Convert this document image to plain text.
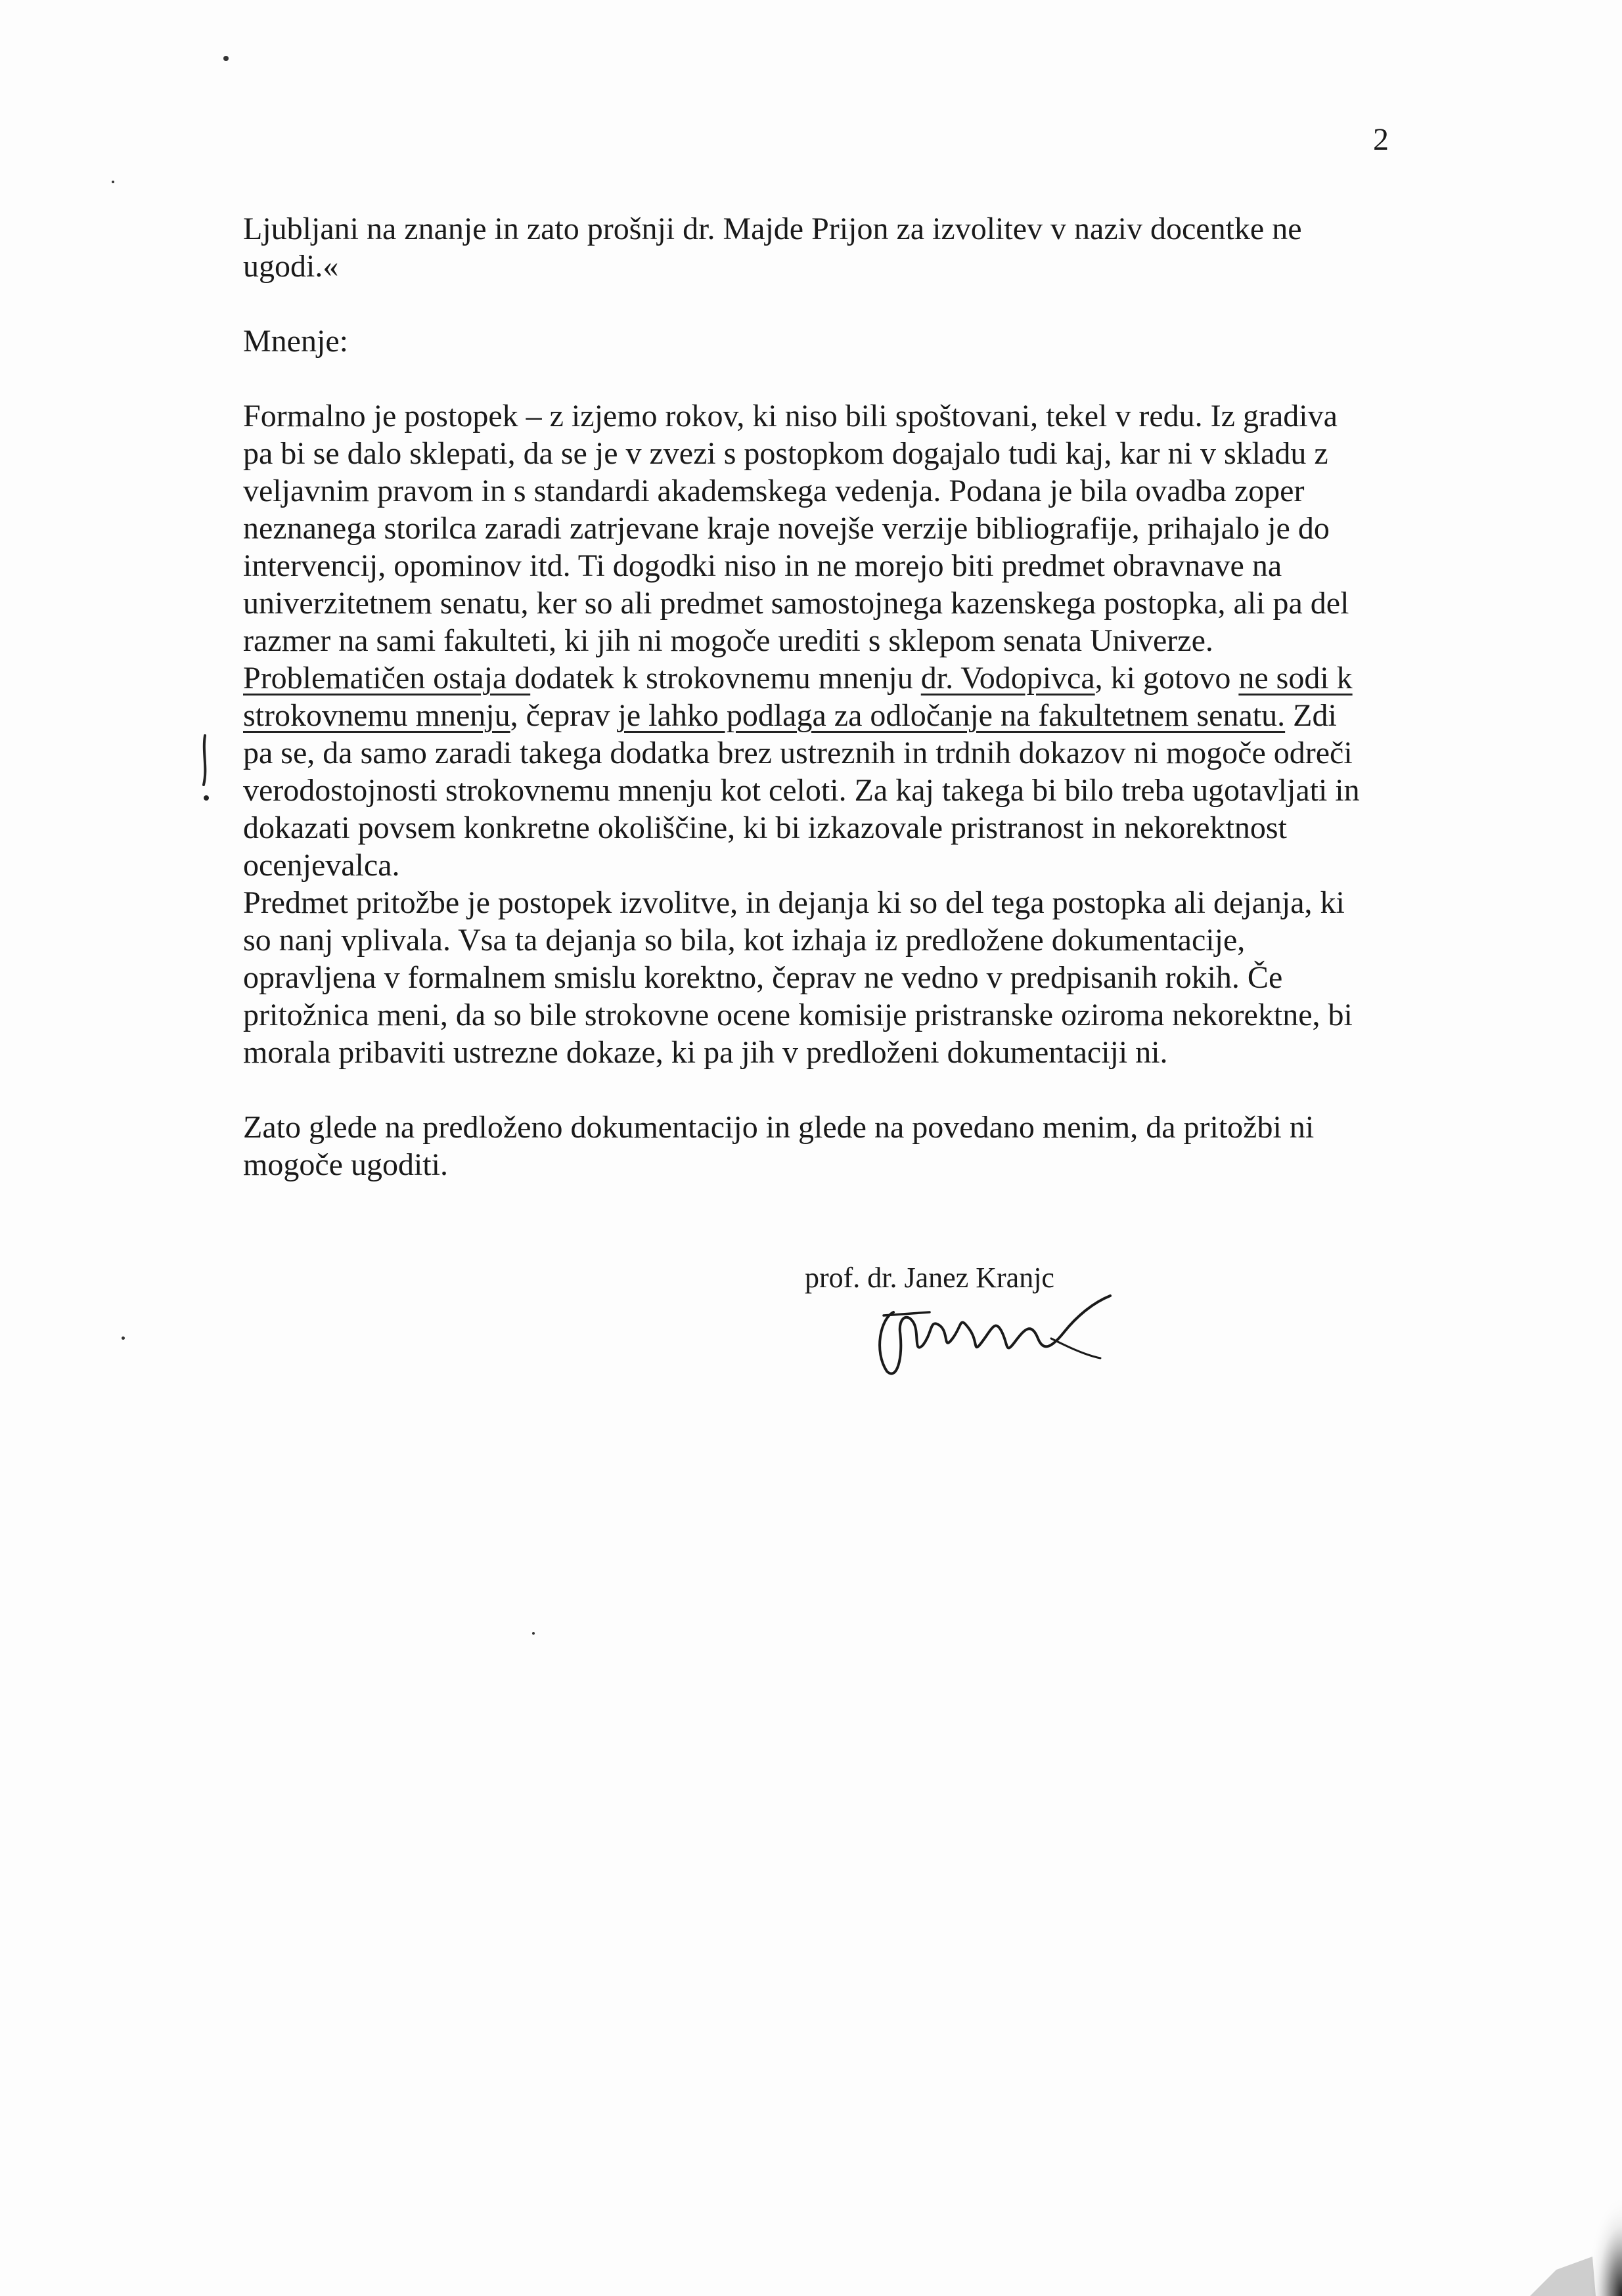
2

Ljubljani na znanje in zato prošnji dr. Majde Prijon za izvolitev v naziv docentke ne ugodi.«

Mnenje:

Formalno je postopek – z izjemo rokov, ki niso bili spoštovani, tekel v redu. Iz gradiva pa bi se dalo sklepati, da se je v zvezi s postopkom dogajalo tudi kaj, kar ni v skladu z veljavnim pravom in s standardi akademskega vedenja. Podana je bila ovadba zoper neznanega storilca zaradi zatrjevane kraje novejše verzije bibliografije, prihajalo je do intervencij, opominov itd. Ti dogodki niso in ne morejo biti predmet obravnave na univerzitetnem senatu, ker so ali predmet samostojnega kazenskega postopka, ali pa del razmer na sami fakulteti, ki jih ni mogoče urediti s sklepom senata Univerze. Problematičen ostaja dodatek k strokovnemu mnenju dr. Vodopivca, ki gotovo ne sodi k strokovnemu mnenju, čeprav je lahko podlaga za odločanje na fakultetnem senatu. Zdi pa se, da samo zaradi takega dodatka brez ustreznih in trdnih dokazov ni mogoče odreči verodostojnosti strokovnemu mnenju kot celoti. Za kaj takega bi bilo treba ugotavljati in dokazati povsem konkretne okoliščine, ki bi izkazovale pristranost in nekorektnost ocenjevalca.

Predmet pritožbe je postopek izvolitve, in dejanja ki so del tega postopka ali dejanja, ki so nanj vplivala. Vsa ta dejanja so bila, kot izhaja iz predložene dokumentacije, opravljena v formalnem smislu korektno, čeprav ne vedno v predpisanih rokih. Če pritožnica meni, da so bile strokovne ocene komisije pristranske oziroma nekorektne, bi morala pribaviti ustrezne dokaze, ki pa jih v predloženi dokumentaciji ni.

Zato glede na predloženo dokumentacijo in glede na povedano menim, da pritožbi ni mogoče ugoditi.

prof. dr. Janez Kranjc
